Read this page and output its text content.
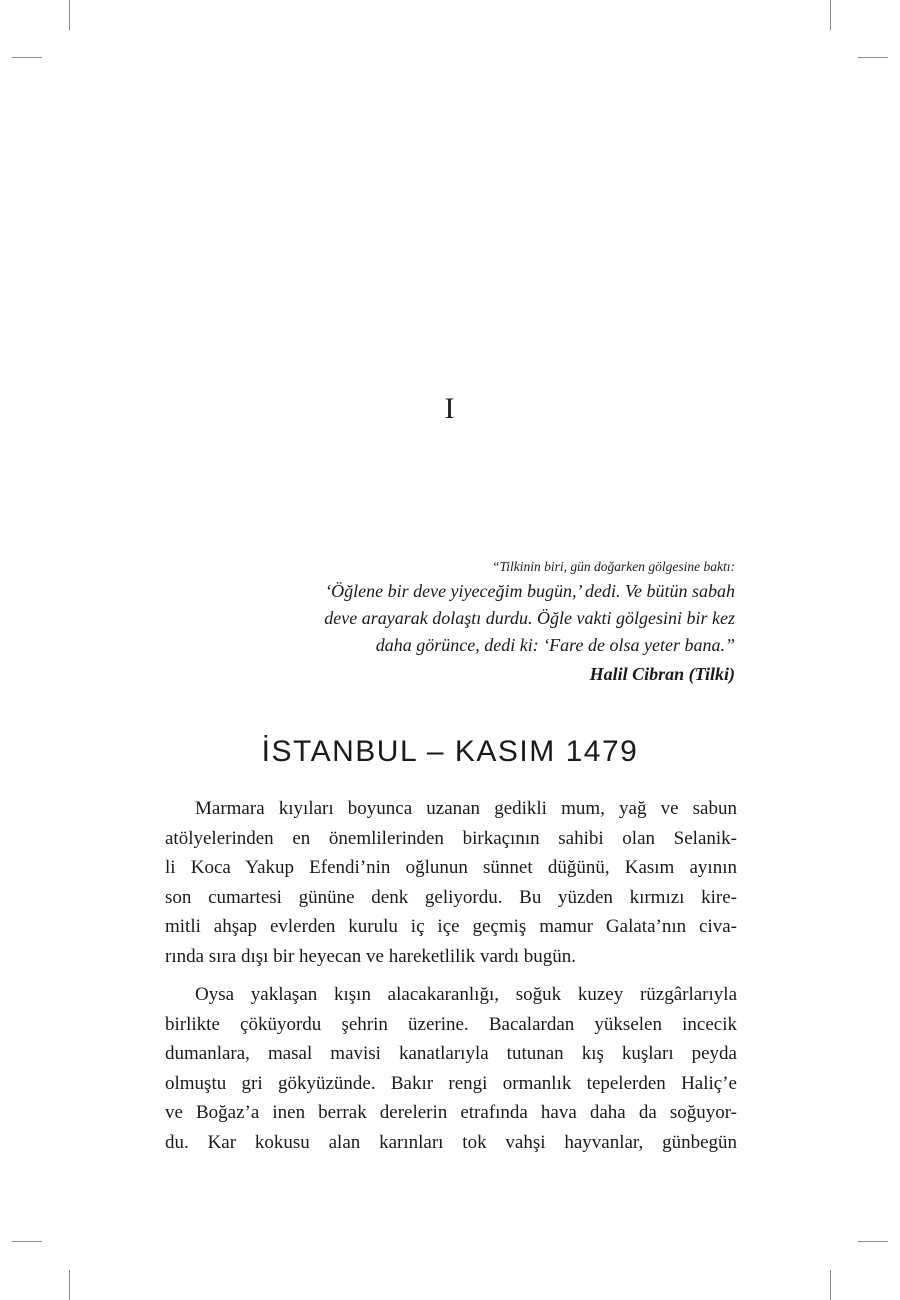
I
“Tilkinin biri, gün doğarken gölgesine baktı:
‘Öğlene bir deve yiyeceğim bugün,’ dedi. Ve bütün sabah
deve arayarak dolaştı durdu. Öğle vakti gölgesini bir kez
daha görünce, dedi ki: ‘Fare de olsa yeter bana.”
Halil Cibran (Tilki)
İSTANBUL – KASIM 1479
Marmara kıyıları boyunca uzanan gedikli mum, yağ ve sabun
atölyelerinden en önemlilerinden birkaçının sahibi olan Selanik-
li Koca Yakup Efendi’nin oğlunun sünnet düğünü, Kasım ayının
son cumartesi gününe denk geliyordu. Bu yüzden kırmızı kire-
mitli ahşap evlerden kurulu iç içe geçmiş mamur Galata’nın civa-
rında sıra dışı bir heyecan ve hareketlilik vardı bugün.
Oysa yaklaşan kışın alacakaranlığı, soğuk kuzey rüzgârlarıyla
birlikte çöküyordu şehrin üzerine. Bacalardan yükselen incecik
dumanlara, masal mavisi kanatlarıyla tutunan kış kuşları peyda
olmuştu gri gökyüzünde. Bakır rengi ormanlık tepelerden Haliç’e
ve Boğaz’a inen berrak derelerin etrafında hava daha da soğuyor-
du. Kar kokusu alan karınları tok vahşi hayvanlar, günbegün
